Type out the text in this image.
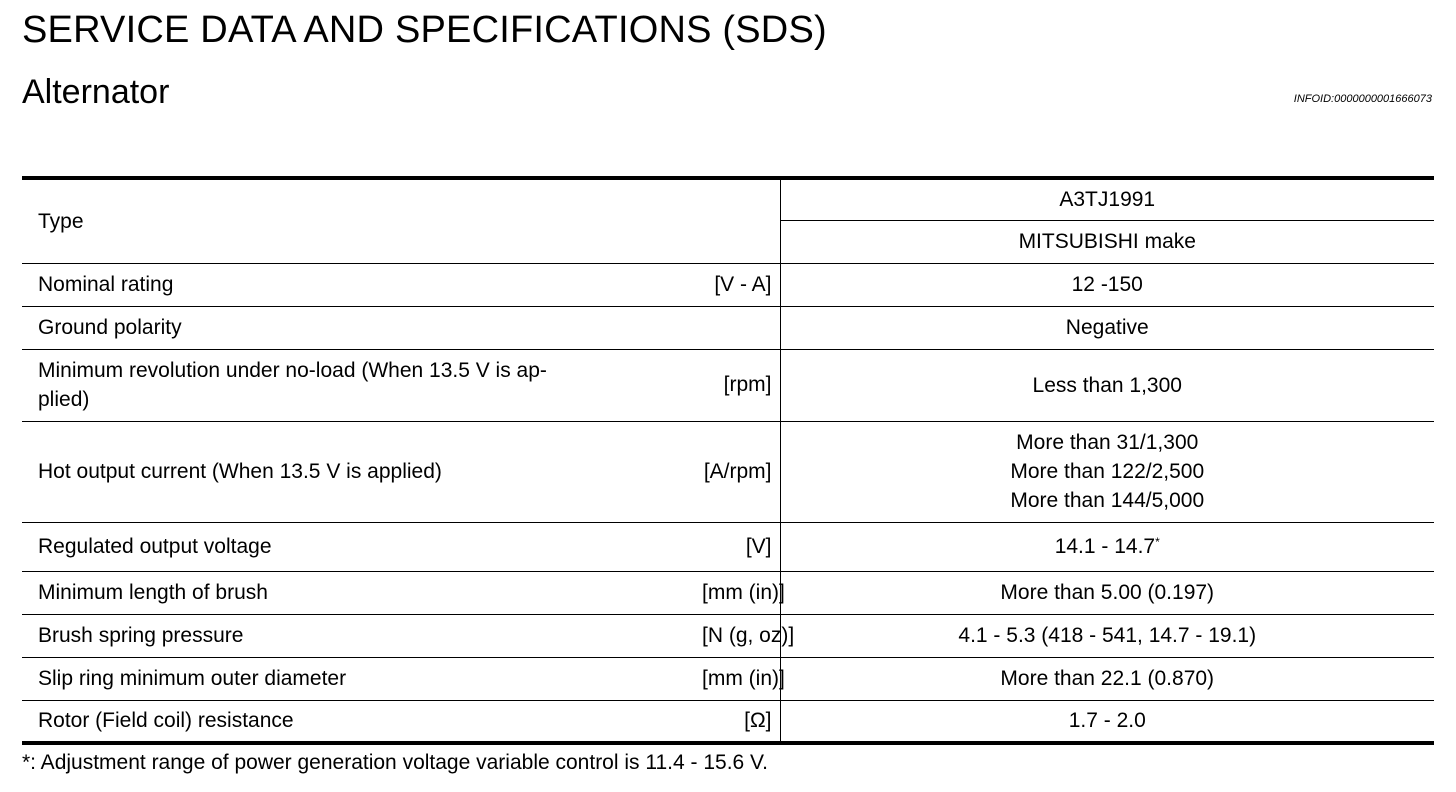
SERVICE DATA AND SPECIFICATIONS (SDS)
Alternator	INFOID:0000000001666073
Type		A3TJ1991
		MITSUBISHI make
Nominal rating	[V - A]	12 -150
Ground polarity		Negative

Minimum revolution under no-load (When 13.5 V is ap-
plied)	[rpm]	Less than 1,300
Hot output current (When 13.5 V is applied)	[A/rpm]	More than 31/1,300
More than 122/2,500
More than 144/5,000

Regulated output voltage	[V]	14.1 - 14.7*
Minimum length of brush	[mm (in)]	More than 5.00 (0.197)
Brush spring pressure	[N (g, oz)]	4.1 - 5.3 (418 - 541, 14.7 - 19.1)
Slip ring minimum outer diameter	[mm (in)]	More than 22.1 (0.870)
Rotor (Field coil) resistance	[Ω]	1.7 - 2.0
*: Adjustment range of power generation voltage variable control is 11.4 - 15.6 V.
